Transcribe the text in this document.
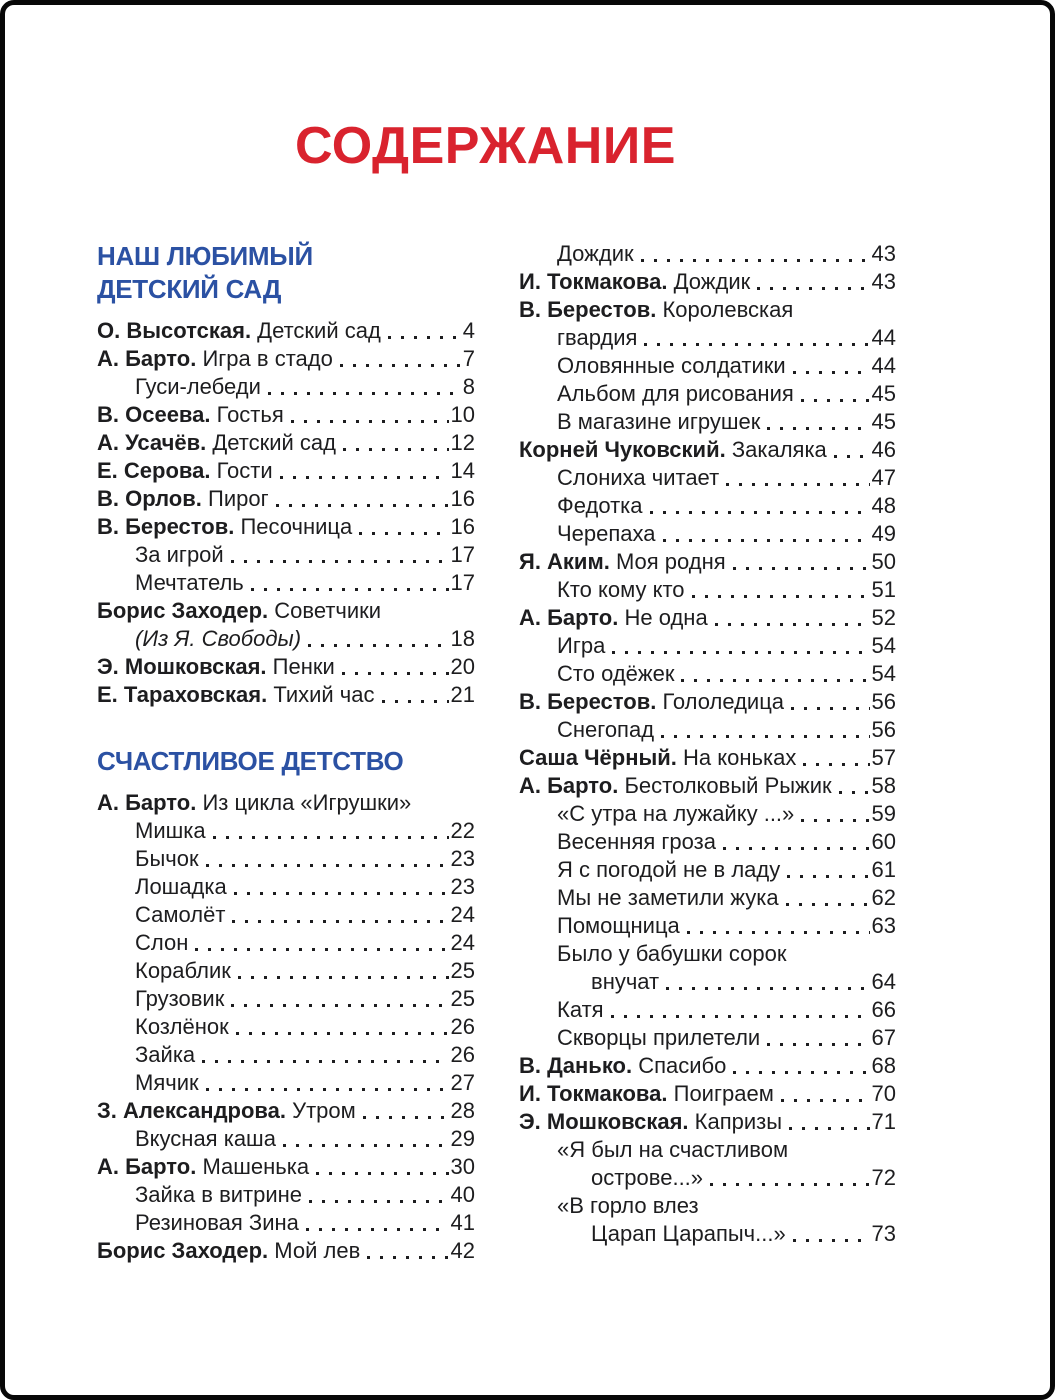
СОДЕРЖАНИЕ
НАШ ЛЮБИМЫЙ
ДЕТСКИЙ САД
О. Высотская. Детский сад	4
А. Барто. Игра в стадо	7
Гуси-лебеди	8
В. Осеева. Гостья	10
А. Усачёв. Детский сад	12
Е. Серова. Гости	14
В. Орлов. Пирог	16
В. Берестов. Песочница	16
За игрой	17
Мечтатель	17
Борис Заходер. Советчики
(Из Я. Свободы)	18
Э. Мошковская. Пенки	20
Е. Тараховская. Тихий час	21
СЧАСТЛИВОЕ ДЕТСТВО
А. Барто. Из цикла «Игрушки»
Мишка	22
Бычок	23
Лошадка	23
Самолёт	24
Слон	24
Кораблик	25
Грузовик	25
Козлёнок	26
Зайка	26
Мячик	27
З. Александрова. Утром	28
Вкусная каша	29
А. Барто. Машенька	30
Зайка в витрине	40
Резиновая Зина	41
Борис Заходер. Мой лев	42
Дождик	43
И. Токмакова. Дождик	43
В. Берестов. Королевская
гвардия	44
Оловянные солдатики	44
Альбом для рисования	45
В магазине игрушек	45
Корней Чуковский. Закаляка 46
Слониха читает	47
Федотка	48
Черепаха	49
Я. Аким. Моя родня	50
Кто кому кто	51
А. Барто. Не одна	52
Игра	54
Сто одёжек	54
В. Берестов. Гололедица	56
Снегопад	56
Саша Чёрный. На коньках	57
А. Барто. Бестолковый Рыжик 58
«С утра на лужайку ...»	59
Весенняя гроза	60
Я с погодой не в ладу	61
Мы не заметили жука	62
Помощница	63
Было у бабушки сорок
внучат	64
Катя	66
Скворцы прилетели	67
В. Данько. Спасибо	68
И. Токмакова. Поиграем	70
Э. Мошковская. Капризы	71
«Я был на счастливом
острове...»	72
«В горло влез
Царап Царапыч...»	73
